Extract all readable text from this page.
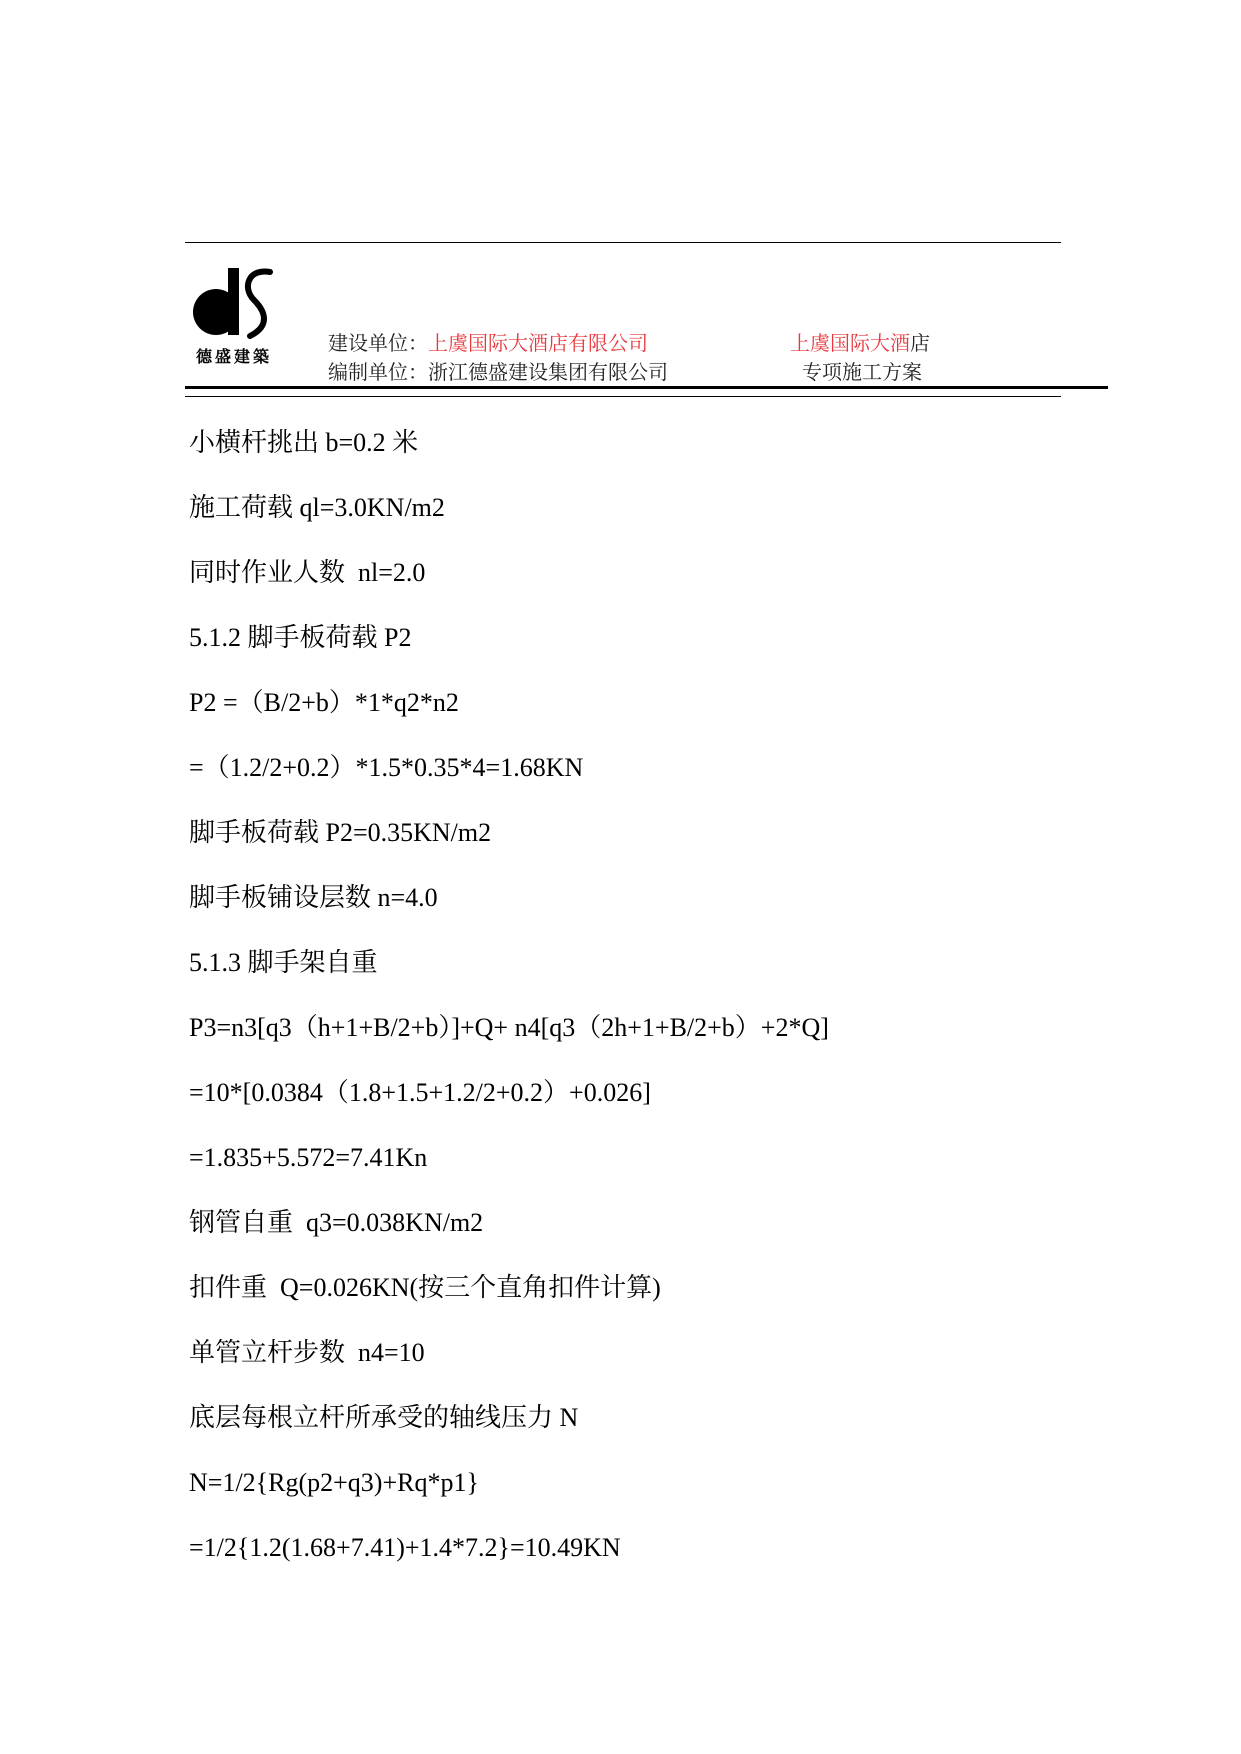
德盛建築
建设单位：上虞国际大酒店有限公司
编制单位：浙江德盛建设集团有限公司
上虞国际大酒店
专项施工方案
小横杆挑出 b=0.2 米
施工荷载 ql=3.0KN/m2
同时作业人数  nl=2.0
5.1.2 脚手板荷载 P2
P2 =（B/2+b）*1*q2*n2
=（1.2/2+0.2）*1.5*0.35*4=1.68KN
脚手板荷载 P2=0.35KN/m2
脚手板铺设层数 n=4.0
5.1.3 脚手架自重
P3=n3[q3（h+1+B/2+b）]+Q+ n4[q3（2h+1+B/2+b）+2*Q]
=10*[0.0384（1.8+1.5+1.2/2+0.2）+0.026]
=1.835+5.572=7.41Kn
钢管自重  q3=0.038KN/m2
扣件重  Q=0.026KN(按三个直角扣件计算)
单管立杆步数  n4=10
底层每根立杆所承受的轴线压力 N
N=1/2{Rg(p2+q3)+Rq*p1}
=1/2{1.2(1.68+7.41)+1.4*7.2}=10.49KN
